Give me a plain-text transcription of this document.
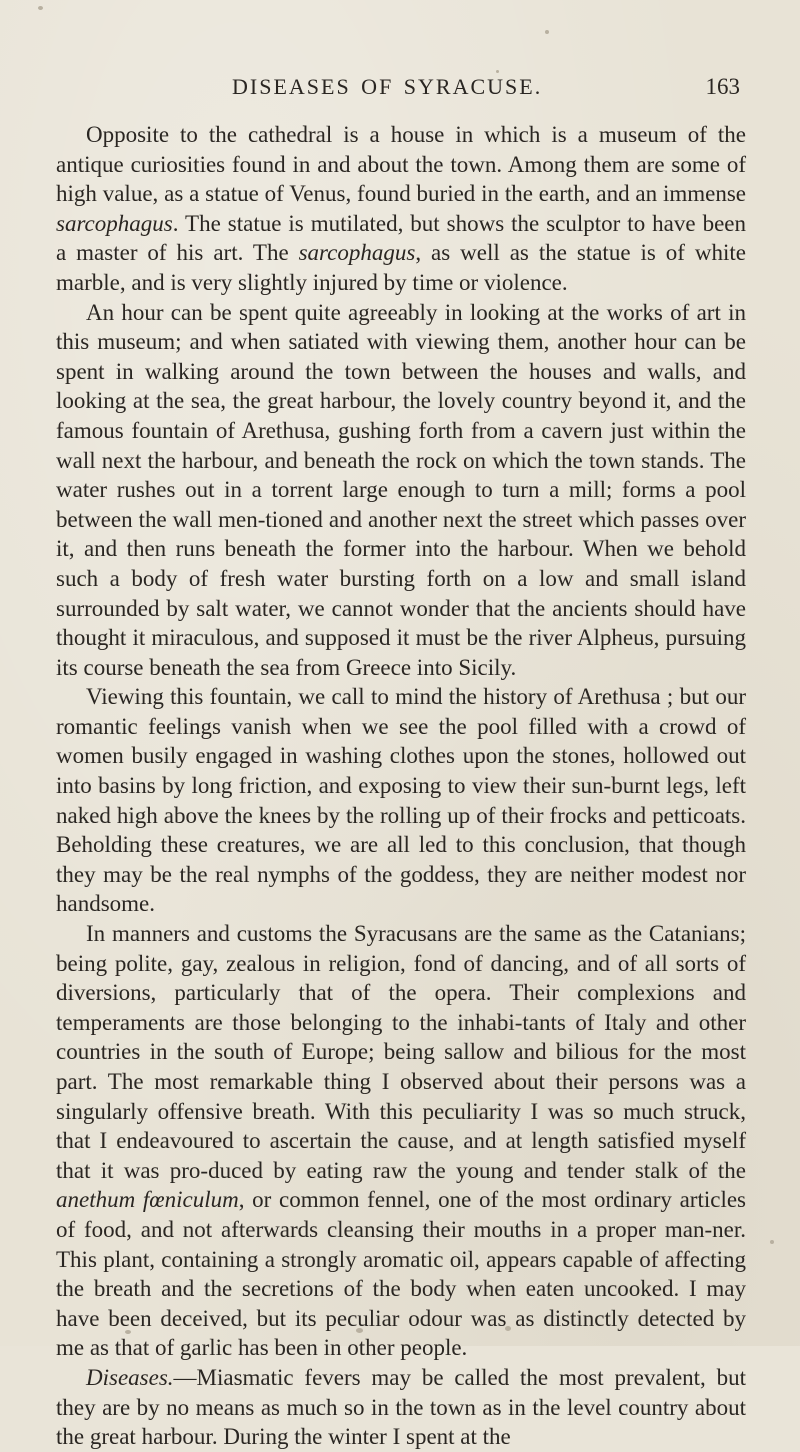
DISEASES OF SYRACUSE.	163

Opposite to the cathedral is a house in which is a museum of the antique curiosities found in and about the town. Among them are some of high value, as a statue of Venus, found buried in the earth, and an immense sarcophagus. The statue is mutilated, but shows the sculptor to have been a master of his art. The sarcophagus, as well as the statue is of white marble, and is very slightly injured by time or violence.

An hour can be spent quite agreeably in looking at the works of art in this museum; and when satiated with viewing them, another hour can be spent in walking around the town between the houses and walls, and looking at the sea, the great harbour, the lovely country beyond it, and the famous fountain of Arethusa, gushing forth from a cavern just within the wall next the harbour, and beneath the rock on which the town stands. The water rushes out in a torrent large enough to turn a mill; forms a pool between the wall men-tioned and another next the street which passes over it, and then runs beneath the former into the harbour. When we behold such a body of fresh water bursting forth on a low and small island surrounded by salt water, we cannot wonder that the ancients should have thought it miraculous, and supposed it must be the river Alpheus, pursuing its course beneath the sea from Greece into Sicily.

Viewing this fountain, we call to mind the history of Arethusa ; but our romantic feelings vanish when we see the pool filled with a crowd of women busily engaged in washing clothes upon the stones, hollowed out into basins by long friction, and exposing to view their sun-burnt legs, left naked high above the knees by the rolling up of their frocks and petticoats. Beholding these creatures, we are all led to this conclusion, that though they may be the real nymphs of the goddess, they are neither modest nor handsome.

In manners and customs the Syracusans are the same as the Catanians; being polite, gay, zealous in religion, fond of dancing, and of all sorts of diversions, particularly that of the opera. Their complexions and temperaments are those belonging to the inhabi-tants of Italy and other countries in the south of Europe; being sallow and bilious for the most part. The most remarkable thing I observed about their persons was a singularly offensive breath. With this peculiarity I was so much struck, that I endeavoured to ascertain the cause, and at length satisfied myself that it was pro-duced by eating raw the young and tender stalk of the anethum fœniculum, or common fennel, one of the most ordinary articles of food, and not afterwards cleansing their mouths in a proper man-ner. This plant, containing a strongly aromatic oil, appears capable of affecting the breath and the secretions of the body when eaten uncooked. I may have been deceived, but its peculiar odour was as distinctly detected by me as that of garlic has been in other people.

Diseases.—Miasmatic fevers may be called the most prevalent, but they are by no means as much so in the town as in the level country about the great harbour. During the winter I spent at the
